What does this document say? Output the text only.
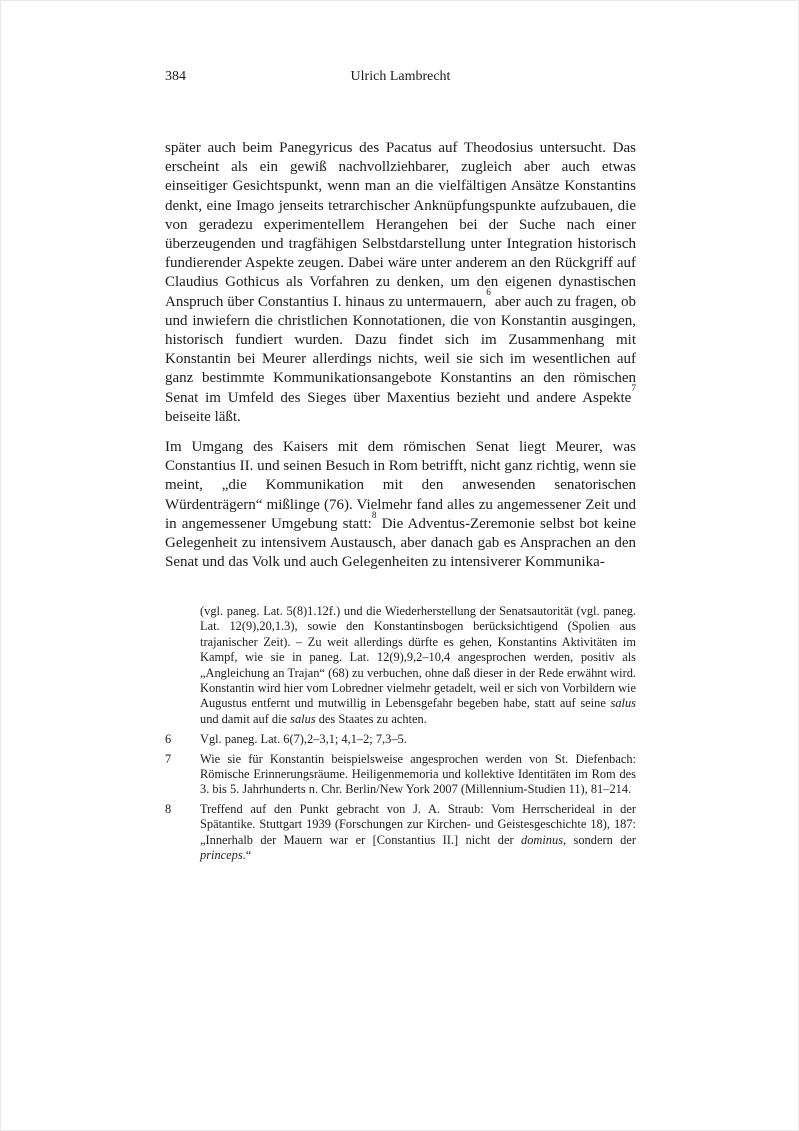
384	Ulrich Lambrecht

später auch beim Panegyricus des Pacatus auf Theodosius untersucht. Das erscheint als ein gewiß nachvollziehbarer, zugleich aber auch etwas einseitiger Gesichtspunkt, wenn man an die vielfältigen Ansätze Konstantins denkt, eine Imago jenseits tetrarchischer Anknüpfungspunkte aufzubauen, die von geradezu experimentellem Herangehen bei der Suche nach einer überzeugenden und tragfähigen Selbstdarstellung unter Integration historisch fundierender Aspekte zeugen. Dabei wäre unter anderem an den Rückgriff auf Claudius Gothicus als Vorfahren zu denken, um den eigenen dynastischen Anspruch über Constantius I. hinaus zu untermauern,$^6$ aber auch zu fragen, ob und inwiefern die christlichen Konnotationen, die von Konstantin ausgingen, historisch fundiert wurden. Dazu findet sich im Zusammenhang mit Konstantin bei Meurer allerdings nichts, weil sie sich im wesentlichen auf ganz bestimmte Kommunikationsangebote Konstantins an den römischen Senat im Umfeld des Sieges über Maxentius bezieht und andere Aspekte$^7$ beiseite läßt.

Im Umgang des Kaisers mit dem römischen Senat liegt Meurer, was Constantius II. und seinen Besuch in Rom betrifft, nicht ganz richtig, wenn sie meint, „die Kommunikation mit den anwesenden senatorischen Würdenträgern“ mißlinge (76). Vielmehr fand alles zu angemessener Zeit und in angemessener Umgebung statt:$^8$ Die Adventus-Zeremonie selbst bot keine Gelegenheit zu intensivem Austausch, aber danach gab es Ansprachen an den Senat und das Volk und auch Gelegenheiten zu intensiverer Kommunika-

(vgl. paneg. Lat. 5(8)1.12f.) und die Wiederherstellung der Senatsautorität (vgl. paneg. Lat. 12(9),20,1.3), sowie den Konstantinsbogen berücksichtigend (Spolien aus trajanischer Zeit). – Zu weit allerdings dürfte es gehen, Konstantins Aktivitäten im Kampf, wie sie in paneg. Lat. 12(9),9,2–10,4 angesprochen werden, positiv als „Angleichung an Trajan“ (68) zu verbuchen, ohne daß dieser in der Rede erwähnt wird. Konstantin wird hier vom Lobredner vielmehr getadelt, weil er sich von Vorbildern wie Augustus entfernt und mutwillig in Lebensgefahr begeben habe, statt auf seine salus und damit auf die salus des Staates zu achten.

6 Vgl. paneg. Lat. 6(7),2–3,1; 4,1–2; 7,3–5.
7 Wie sie für Konstantin beispielsweise angesprochen werden von St. Diefenbach: Römische Erinnerungsräume. Heiligenmemoria und kollektive Identitäten im Rom des 3. bis 5. Jahrhunderts n. Chr. Berlin/New York 2007 (Millennium-Studien 11), 81–214.
8 Treffend auf den Punkt gebracht von J. A. Straub: Vom Herrscherideal in der Spätantike. Stuttgart 1939 (Forschungen zur Kirchen- und Geistesgeschichte 18), 187: „Innerhalb der Mauern war er [Constantius II.] nicht der dominus, sondern der princeps.“
